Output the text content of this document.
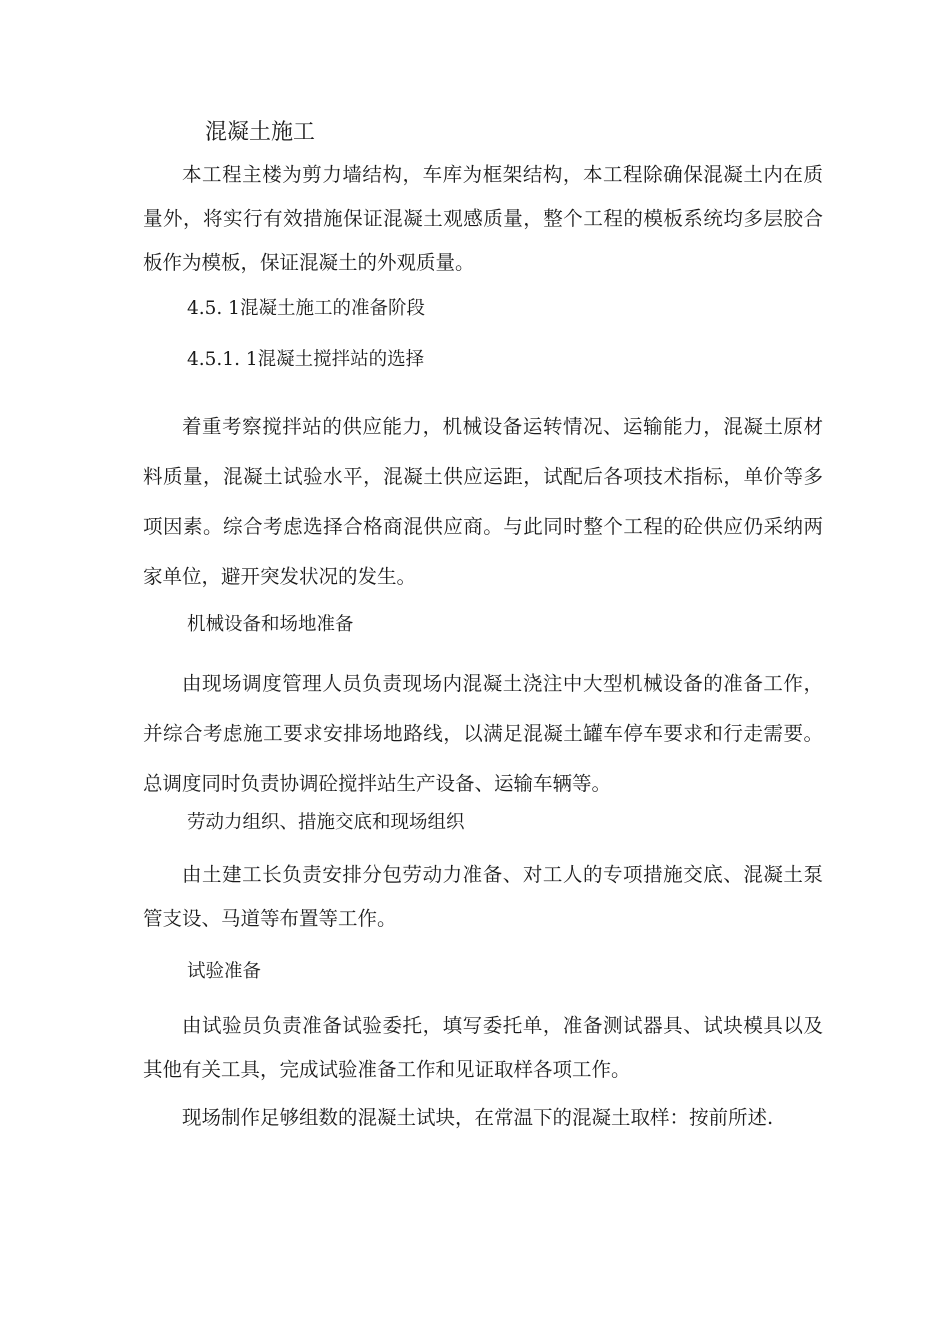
混凝土施工

本工程主楼为剪力墙结构，车库为框架结构，本工程除确保混凝土内在质量外，将实行有效措施保证混凝土观感质量，整个工程的模板系统均多层胶合板作为模板，保证混凝土的外观质量。

4.5. 1混凝土施工的准备阶段
4.5.1. 1混凝土搅拌站的选择

着重考察搅拌站的供应能力，机械设备运转情况、运输能力，混凝土原材料质量，混凝土试验水平，混凝土供应运距，试配后各项技术指标，单价等多项因素。综合考虑选择合格商混供应商。与此同时整个工程的砼供应仍采纳两家单位，避开突发状况的发生。

机械设备和场地准备

由现场调度管理人员负责现场内混凝土浇注中大型机械设备的准备工作，并综合考虑施工要求安排场地路线，以满足混凝土罐车停车要求和行走需要。总调度同时负责协调砼搅拌站生产设备、运输车辆等。

劳动力组织、措施交底和现场组织

由土建工长负责安排分包劳动力准备、对工人的专项措施交底、混凝土泵管支设、马道等布置等工作。

试验准备

由试验员负责准备试验委托，填写委托单，准备测试器具、试块模具以及其他有关工具，完成试验准备工作和见证取样各项工作。

现场制作足够组数的混凝土试块，在常温下的混凝土取样：按前所述.
